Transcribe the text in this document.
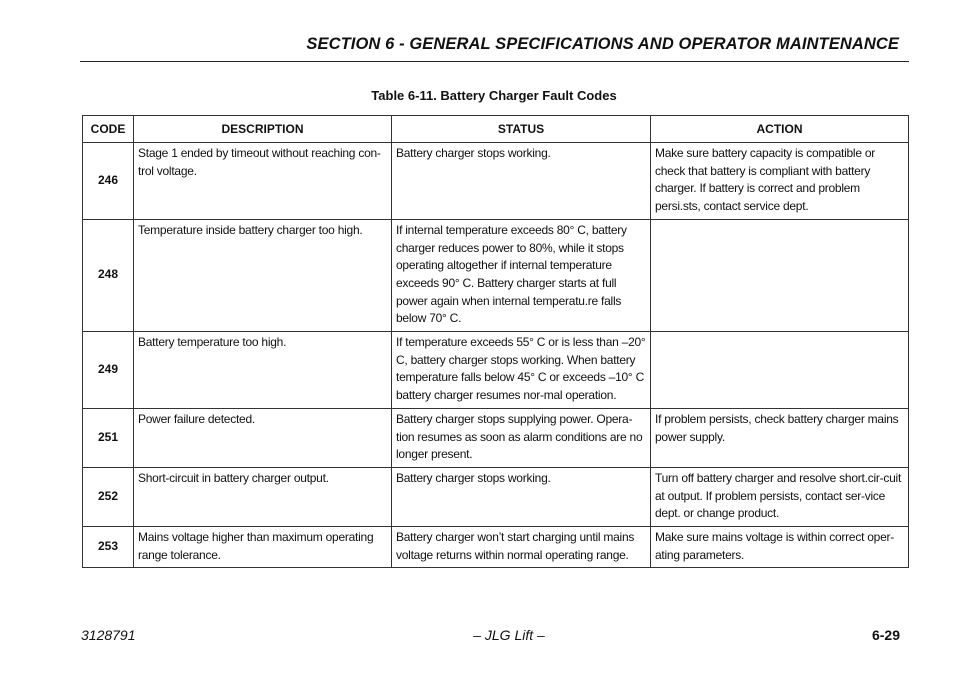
SECTION 6 - GENERAL SPECIFICATIONS AND OPERATOR MAINTENANCE
Table 6-11. Battery Charger Fault Codes
CODE	DESCRIPTION	STATUS	ACTION
246	Stage 1 ended by timeout without reaching con-trol voltage.	Battery charger stops working.	Make sure battery capacity is compatible or check that battery is compliant with battery charger. If battery is correct and problem persi.sts, contact service dept.
248	Temperature inside battery charger too high.	If internal temperature exceeds 80° C, battery charger reduces power to 80%, while it stops operating altogether if internal temperature exceeds 90° C. Battery charger starts at full power again when internal temperatu.re falls below 70° C.	
249	Battery temperature too high.	If temperature exceeds 55° C or is less than –20° C, battery charger stops working. When battery temperature falls below 45° C or exceeds –10° C battery charger resumes nor-mal operation.	
251	Power failure detected.	Battery charger stops supplying power. Opera-tion resumes as soon as alarm conditions are no longer present.	If problem persists, check battery charger mains power supply.
252	Short-circuit in battery charger output.	Battery charger stops working.	Turn off battery charger and resolve short.cir-cuit at output. If problem persists, contact ser-vice dept. or change product.
253	Mains voltage higher than maximum operating range tolerance.	Battery charger won’t start charging until mains voltage returns within normal operating range.	Make sure mains voltage is within correct oper-ating parameters.
3128791	– JLG Lift –	6-29
